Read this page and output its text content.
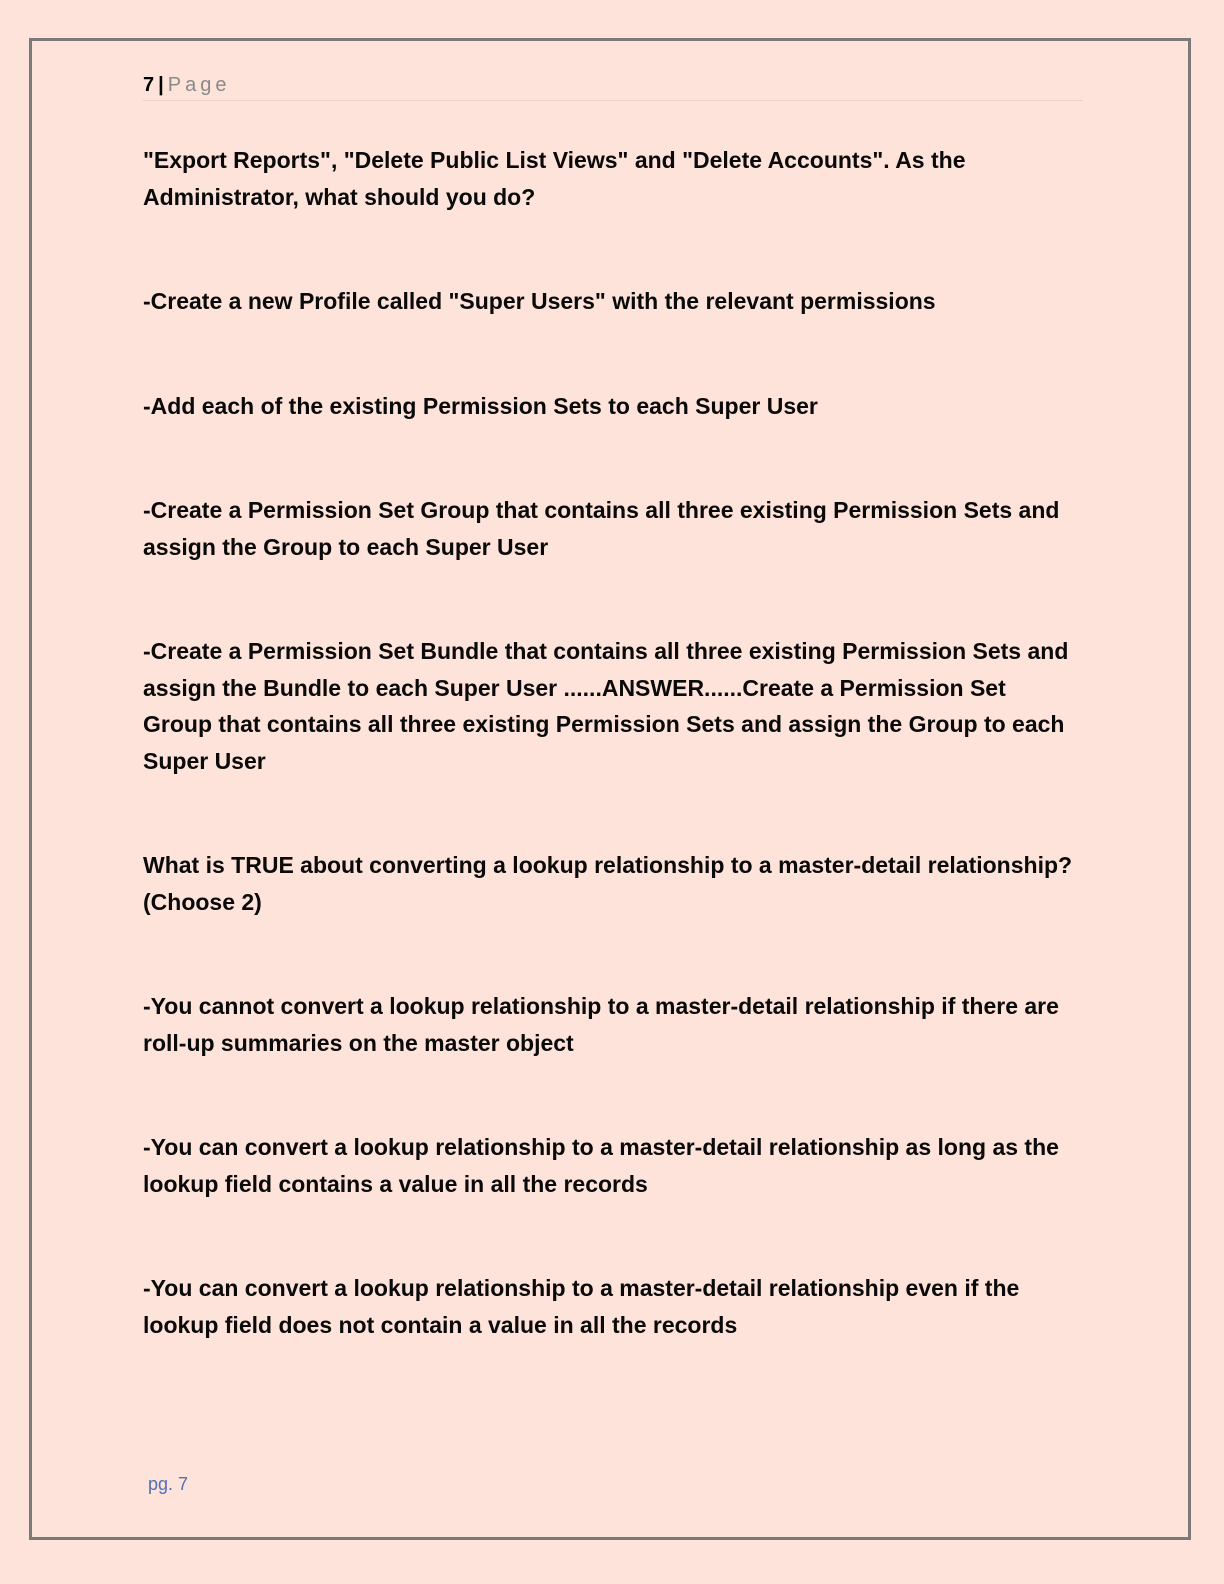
7 | Page

"Export Reports", "Delete Public List Views" and "Delete Accounts". As the Administrator, what should you do?

-Create a new Profile called "Super Users" with the relevant permissions

-Add each of the existing Permission Sets to each Super User

-Create a Permission Set Group that contains all three existing Permission Sets and assign the Group to each Super User

-Create a Permission Set Bundle that contains all three existing Permission Sets and assign the Bundle to each Super User ......ANSWER......Create a Permission Set Group that contains all three existing Permission Sets and assign the Group to each Super User

What is TRUE about converting a lookup relationship to a master-detail relationship? (Choose 2)

-You cannot convert a lookup relationship to a master-detail relationship if there are roll-up summaries on the master object

-You can convert a lookup relationship to a master-detail relationship as long as the lookup field contains a value in all the records

-You can convert a lookup relationship to a master-detail relationship even if the lookup field does not contain a value in all the records

pg. 7
